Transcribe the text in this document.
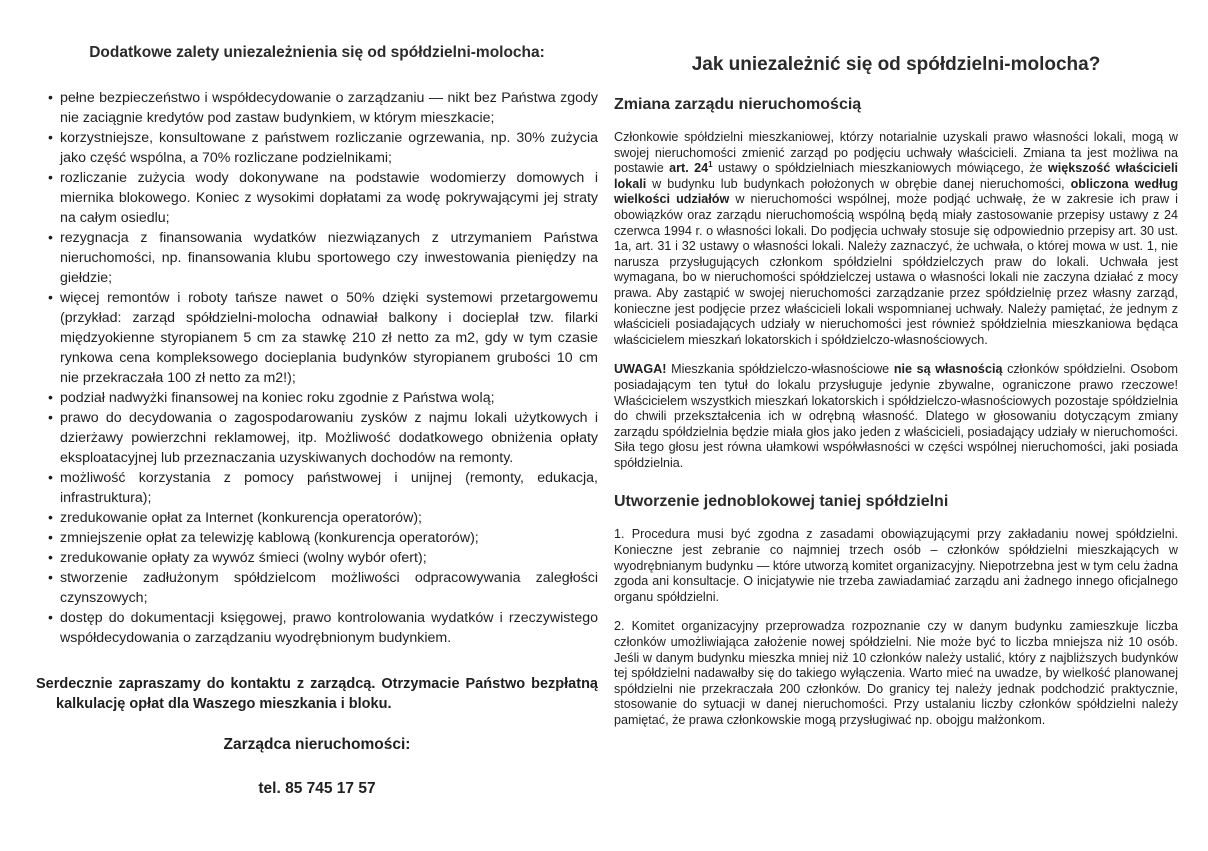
Dodatkowe zalety uniezależnienia się od spółdzielni-molocha:
• pełne bezpieczeństwo i współdecydowanie o zarządzaniu — nikt bez Państwa zgody nie zaciągnie kredytów pod zastaw budynkiem, w którym mieszkacie;
• korzystniejsze, konsultowane z państwem rozliczanie ogrzewania, np. 30% zużycia jako część wspólna, a 70% rozliczane podzielnikami;
• rozliczanie zużycia wody dokonywane na podstawie wodomierzy domowych i miernika blokowego. Koniec z wysokimi dopłatami za wodę pokrywającymi jej straty na całym osiedlu;
• rezygnacja z finansowania wydatków niezwiązanych z utrzymaniem Państwa nieruchomości, np. finansowania klubu sportowego czy inwestowania pieniędzy na giełdzie;
• więcej remontów i roboty tańsze nawet o 50% dzięki systemowi przetargowemu (przykład: zarząd spółdzielni-molocha odnawiał balkony i docieplał tzw. filarki międzyokienne styropianem 5 cm za stawkę 210 zł netto za m2, gdy w tym czasie rynkowa cena kompleksowego docieplania budynków styropianem grubości 10 cm nie przekraczała 100 zł netto za m2!);
• podział nadwyżki finansowej na koniec roku zgodnie z Państwa wolą;
• prawo do decydowania o zagospodarowaniu zysków z najmu lokali użytkowych i dzierżawy powierzchni reklamowej, itp. Możliwość dodatkowego obniżenia opłaty eksploatacyjnej lub przeznaczania uzyskiwanych dochodów na remonty.
• możliwość korzystania z pomocy państwowej i unijnej (remonty, edukacja, infrastruktura);
• zredukowanie opłat za Internet (konkurencja operatorów);
• zmniejszenie opłat za telewizję kablową (konkurencja operatorów);
• zredukowanie opłaty za wywóz śmieci (wolny wybór ofert);
• stworzenie zadłużonym spółdzielcom możliwości odpracowywania zaległości czynszowych;
• dostęp do dokumentacji księgowej, prawo kontrolowania wydatków i rzeczywistego współdecydowania o zarządzaniu wyodrębnionym budynkiem.
Serdecznie zapraszamy do kontaktu z zarządcą. Otrzymacie Państwo bezpłatną kalkulację opłat dla Waszego mieszkania i bloku.
Zarządca nieruchomości:
tel. 85 745 17 57
Jak uniezależnić się od spółdzielni-molocha?
Zmiana zarządu nieruchomością

Członkowie spółdzielni mieszkaniowej, którzy notarialnie uzyskali prawo własności lokali, mogą w swojej nieruchomości zmienić zarząd po podjęciu uchwały właścicieli. Zmiana ta jest możliwa na postawie art. $24^1$ ustawy o spółdzielniach mieszkaniowych mówiącego, że większość właścicieli lokali w budynku lub budynkach położonych w obrębie danej nieruchomości, obliczona według wielkości udziałów w nieruchomości wspólnej, może podjąć uchwałę, że w zakresie ich praw i obowiązków oraz zarządu nieruchomością wspólną będą miały zastosowanie przepisy ustawy z 24 czerwca 1994 r. o własności lokali. Do podjęcia uchwały stosuje się odpowiednio przepisy art. 30 ust. 1a, art. 31 i 32 ustawy o własności lokali. Należy zaznaczyć, że uchwała, o której mowa w ust. 1, nie narusza przysługujących członkom spółdzielni spółdzielczych praw do lokali. Uchwała jest wymagana, bo w nieruchomości spółdzielczej ustawa o własności lokali nie zaczyna działać z mocy prawa. Aby zastąpić w swojej nieruchomości zarządzanie przez spółdzielnię przez własny zarząd, konieczne jest podjęcie przez właścicieli lokali wspomnianej uchwały. Należy pamiętać, że jednym z właścicieli posiadających udziały w nieruchomości jest również spółdzielnia mieszkaniowa będąca właścicielem mieszkań lokatorskich i spółdzielczo-własnościowych.

UWAGA! Mieszkania spółdzielczo-własnościowe nie są własnością członków spółdzielni. Osobom posiadającym ten tytuł do lokalu przysługuje jedynie zbywalne, ograniczone prawo rzeczowe! Właścicielem wszystkich mieszkań lokatorskich i spółdzielczo-własnościowych pozostaje spółdzielnia do chwili przekształcenia ich w odrębną własność. Dlatego w głosowaniu dotyczącym zmiany zarządu spółdzielnia będzie miała głos jako jeden z właścicieli, posiadający udziały w nieruchomości. Siła tego głosu jest równa ułamkowi współwłasności w części wspólnej nieruchomości, jaki posiada spółdzielnia.

Utworzenie jednoblokowej taniej spółdzielni

1. Procedura musi być zgodna z zasadami obowiązującymi przy zakładaniu nowej spółdzielni. Konieczne jest zebranie co najmniej trzech osób – członków spółdzielni mieszkających w wyodrębnianym budynku — które utworzą komitet organizacyjny. Niepotrzebna jest w tym celu żadna zgoda ani konsultacje. O inicjatywie nie trzeba zawiadamiać zarządu ani żadnego innego oficjalnego organu spółdzielni.

2. Komitet organizacyjny przeprowadza rozpoznanie czy w danym budynku zamieszkuje liczba członków umożliwiająca założenie nowej spółdzielni. Nie może być to liczba mniejsza niż 10 osób. Jeśli w danym budynku mieszka mniej niż 10 członków należy ustalić, który z najbliższych budynków tej spółdzielni nadawałby się do takiego wyłączenia. Warto mieć na uwadze, by wielkość planowanej spółdzielni nie przekraczała 200 członków. Do granicy tej należy jednak podchodzić praktycznie, stosowanie do sytuacji w danej nieruchomości. Przy ustalaniu liczby członków spółdzielni należy pamiętać, że prawa członkowskie mogą przysługiwać np. obojgu małżonkom.
